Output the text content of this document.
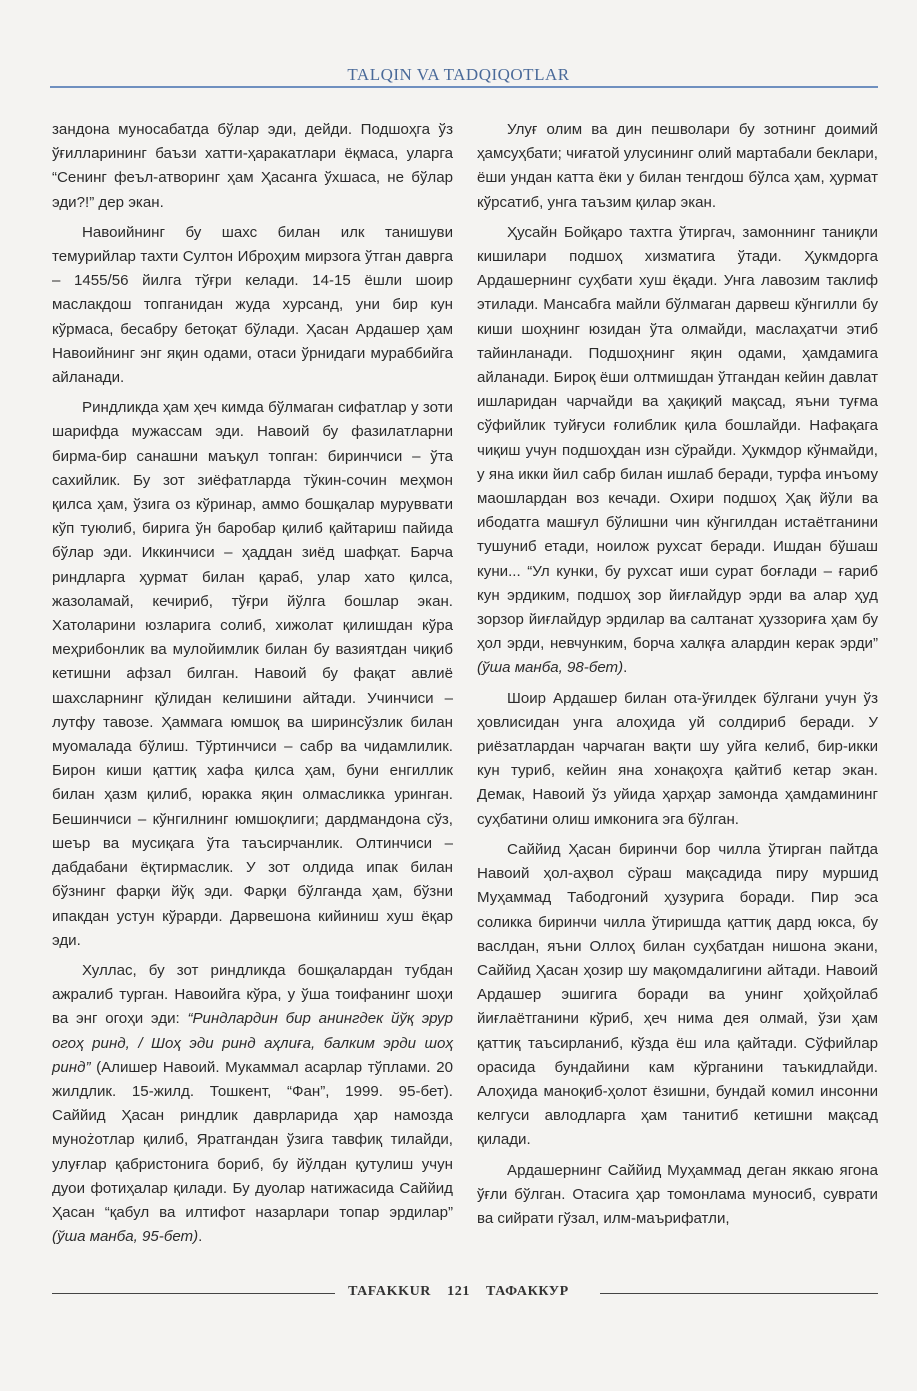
TALQIN VA TADQIQOTLAR

зандона муносабатда бўлар эди, дейди. Подшоҳга ўз ўғилларининг баъзи хатти-ҳаракатлари ёқмаса, уларга “Сенинг феъл-атворинг ҳам Ҳасанга ўхшаса, не бўлар эди?!” дер экан.

Навоийнинг бу шахс билан илк танишуви темурийлар тахти Султон Иброҳим мирзога ўтган даврга – 1455/56 йилга тўғри келади. 14-15 ёшли шоир маслакдош топганидан жуда хурсанд, уни бир кун кўрмаса, бесабру бетоқат бўлади. Ҳасан Ардашер ҳам Навоийнинг энг яқин одами, отаси ўрнидаги мураббийга айланади.

Риндликда ҳам ҳеч кимда бўлмаган сифатлар у зоти шарифда мужассам эди. Навоий бу фазилатларни бирма-бир санашни маъқул топган: биринчиси – ўта сахийлик. Бу зот зиёфатларда тўкин-сочин меҳмон қилса ҳам, ўзига оз кўринар, аммо бошқалар муруввати кўп туюлиб, бирига ўн баробар қилиб қайтариш пайида бўлар эди. Иккинчиси – ҳаддан зиёд шафқат. Барча риндларга ҳурмат билан қараб, улар хато қилса, жазоламай, кечириб, тўғри йўлга бошлар экан. Хатоларини юзларига солиб, хижолат қилишдан кўра меҳрибонлик ва мулойимлик билан бу вазиятдан чиқиб кетишни афзал билган. Навоий бу фақат авлиё шахсларнинг қўлидан келишини айтади. Учинчиси – лутфу тавозе. Ҳаммага юмшоқ ва ширинсўзлик билан муомалада бўлиш. Тўртинчиси – сабр ва чидамлилик. Бирон киши қаттиқ хафа қилса ҳам, буни енгиллик билан ҳазм қилиб, юракка яқин олмасликка уринган. Бешинчиси – кўнгилнинг юмшоқлиги; дардмандона сўз, шеър ва мусиқага ўта таъсирчанлик. Олтинчиси – дабдабани ёқтирмаслик. У зот олдида ипак билан бўзнинг фарқи йўқ эди. Фарқи бўлганда ҳам, бўзни ипакдан устун кўрарди. Дарвешона кийиниш хуш ёқар эди.

Хуллас, бу зот риндликда бошқалардан тубдан ажралиб турган. Навоийга кўра, у ўша тоифанинг шоҳи ва энг огоҳи эди: “Риндлардин бир анингдек йўқ эрур огоҳ ринд, / Шоҳ эди ринд аҳлиға, балким эрди шоҳ ринд” (Алишер Навоий. Мукаммал асарлар тўплами. 20 жилдлик. 15-жилд. Тошкент, “Фан”, 1999. 95-бет). Саййид Ҳасан риндлик даврларида ҳар намозда мунożотлар қилиб, Яратгандан ўзига тавфиқ тилайди, улуғлар қабристонига бориб, бу йўлдан қутулиш учун дуои фотиҳалар қилади. Бу дуолар натижасида Саййид Ҳасан “қабул ва илтифот назарлари топар эрдилар” (ўша манба, 95-бет).

Улуғ олим ва дин пешволари бу зотнинг доимий ҳамсуҳбати; чиғатой улусининг олий мартабали беклари, ёши ундан катта ёки у билан тенгдош бўлса ҳам, ҳурмат кўрсатиб, унга таъзим қилар экан.

Ҳусайн Бойқаро тахтга ўтиргач, замоннинг таниқли кишилари подшоҳ хизматига ўтади. Ҳукмдорга Ардашернинг суҳбати хуш ёқади. Унга лавозим таклиф этилади. Мансабга майли бўлмаган дарвеш кўнгилли бу киши шоҳнинг юзидан ўта олмайди, маслаҳатчи этиб тайинланади. Подшоҳнинг яқин одами, ҳамдамига айланади. Бироқ ёши олтмишдан ўтгандан кейин давлат ишларидан чарчайди ва ҳақиқий мақсад, яъни туғма сўфийлик туйғуси ғолиблик қила бошлайди. Нафақага чиқиш учун подшоҳдан изн сўрайди. Ҳукмдор кўнмайди, у яна икки йил сабр билан ишлаб беради, турфа инъому маошлардан воз кечади. Охири подшоҳ Ҳақ йўли ва ибодатга машғул бўлишни чин кўнгилдан истаётганини тушуниб етади, ноилож рухсат беради. Ишдан бўшаш куни... “Ул кунки, бу рухсат иши сурат боғлади – ғариб кун эрдиким, подшоҳ зор йиғлайдур эрди ва алар ҳуд зорзор йиғлайдур эрдилар ва салтанат ҳуззориға ҳам бу ҳол эрди, невчунким, борча халқға алардин керак эрди” (ўша манба, 98-бет).

Шоир Ардашер билан ота-ўғилдек бўлгани учун ўз ҳовлисидан унга алоҳида уй солдириб беради. У риёзатлардан чарчаган вақти шу уйга келиб, бир-икки кун туриб, кейин яна хонақоҳга қайтиб кетар экан. Демак, Навоий ўз уйида ҳарҳар замонда ҳамдамининг суҳбатини олиш имконига эга бўлган.

Саййид Ҳасан биринчи бор чилла ўтирган пайтда Навоий ҳол-аҳвол сўраш мақсадида пиру муршид Муҳаммад Табодгоний ҳузурига боради. Пир эса соликка биринчи чилла ўтиришда қаттиқ дард юкса, бу васлдан, яъни Оллоҳ билан суҳбатдан нишона экани, Саййид Ҳасан ҳозир шу мақомдалигини айтади. Навоий Ардашер эшигига боради ва унинг ҳойҳойлаб йиғлаётганини кўриб, ҳеч нима дея олмай, ўзи ҳам қаттиқ таъсирланиб, кўзда ёш ила қайтади. Сўфийлар орасида бундайини кам кўрганини таъкидлайди. Алоҳида маноқиб-ҳолот ёзишни, бундай комил инсонни келгуси авлодларга ҳам танитиб кетишни мақсад қилади.

Ардашернинг Саййид Муҳаммад деган яккаю ягона ўғли бўлган. Отасига ҳар томонлама муносиб, суврати ва сийрати гўзал, илм-маърифатли,

TAFAKKUR 121 ТАФАККУР
